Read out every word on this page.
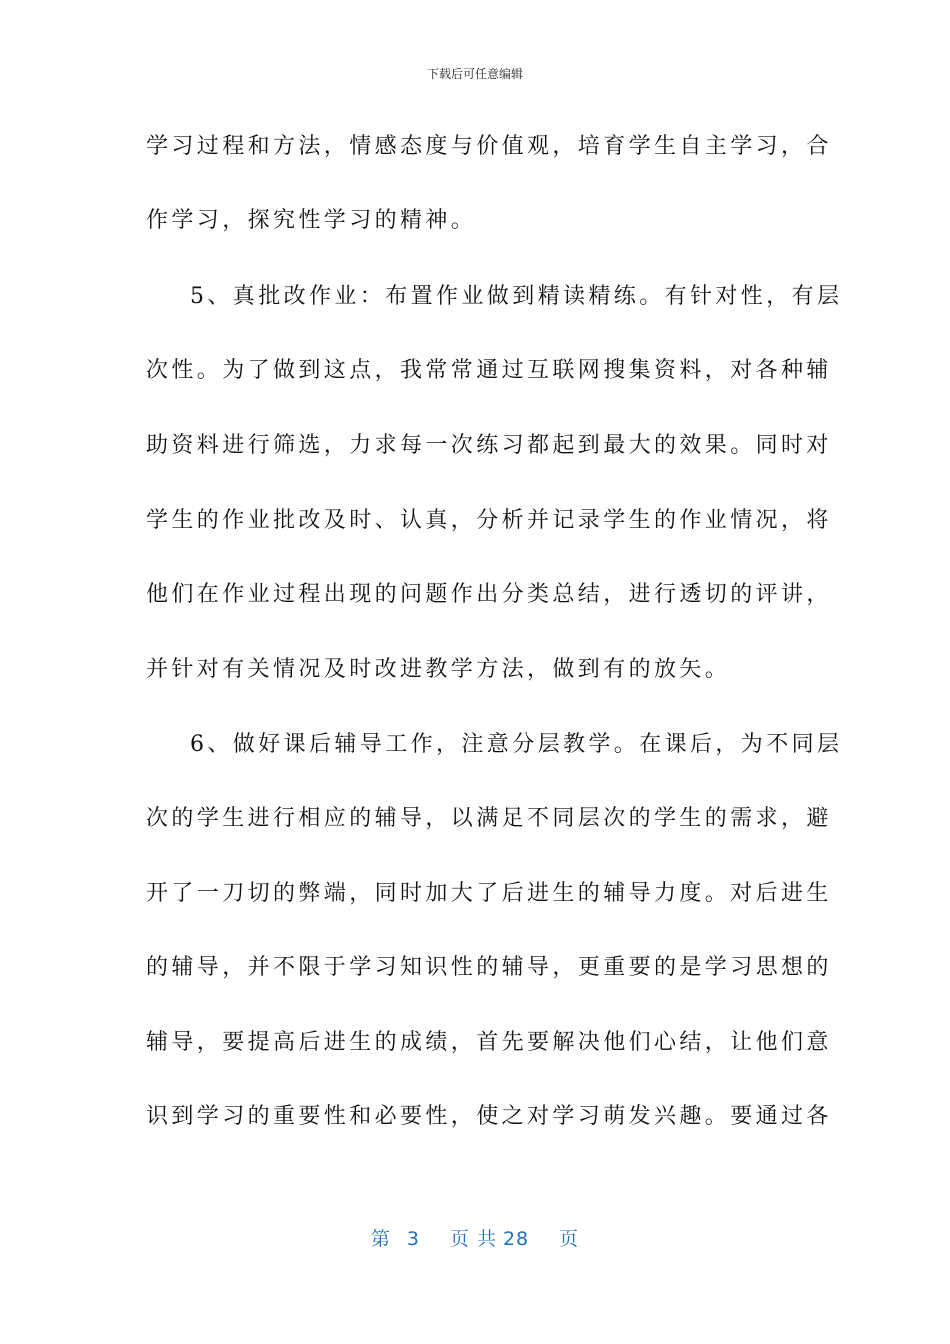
下载后可任意编辑
学习过程和方法，情感态度与价值观，培育学生自主学习，合
作学习，探究性学习的精神。
5、真批改作业：布置作业做到精读精练。有针对性，有层
次性。为了做到这点，我常常通过互联网搜集资料，对各种辅
助资料进行筛选，力求每一次练习都起到最大的效果。同时对
学生的作业批改及时、认真，分析并记录学生的作业情况，将
他们在作业过程出现的问题作出分类总结，进行透切的评讲，
并针对有关情况及时改进教学方法，做到有的放矢。
6、做好课后辅导工作，注意分层教学。在课后，为不同层
次的学生进行相应的辅导，以满足不同层次的学生的需求，避
开了一刀切的弊端，同时加大了后进生的辅导力度。对后进生
的辅导，并不限于学习知识性的辅导，更重要的是学习思想的
辅导，要提高后进生的成绩，首先要解决他们心结，让他们意
识到学习的重要性和必要性，使之对学习萌发兴趣。要通过各
第 3 页 共 28 页
